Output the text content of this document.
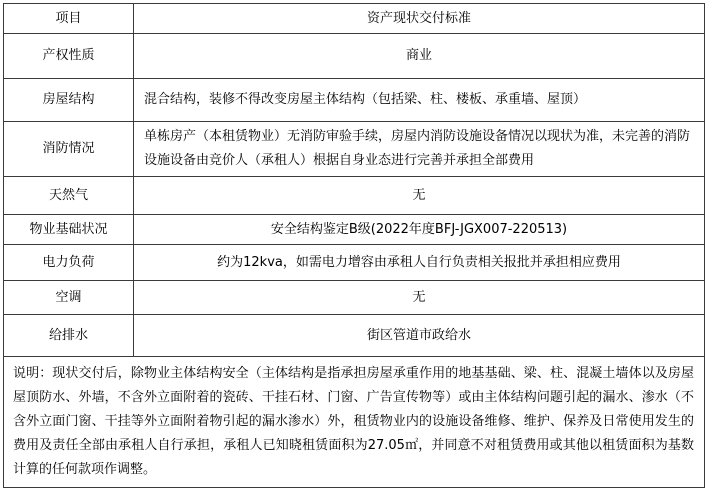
项目	资产现状交付标准
产权性质	商业
房屋结构	混合结构，装修不得改变房屋主体结构（包括梁、柱、楼板、承重墙、屋顶）
消防情况	单栋房产（本租赁物业）无消防审验手续，房屋内消防设施设备情况以现状为准，未完善的消防设施设备由竞价人（承租人）根据自身业态进行完善并承担全部费用
天然气	无
物业基础状况	安全结构鉴定B级(2022年度BFJ-JGX007-220513)
电力负荷	约为12kva，如需电力增容由承租人自行负责相关报批并承担相应费用
空调	无
给排水	街区管道市政给水
说明：现状交付后，除物业主体结构安全（主体结构是指承担房屋承重作用的地基基础、梁、柱、混凝土墙体以及房屋屋顶防水、外墙，不含外立面附着的瓷砖、干挂石材、门窗、广告宣传物等）或由主体结构问题引起的漏水、渗水（不含外立面门窗、干挂等外立面附着物引起的漏水渗水）外，租赁物业内的设施设备维修、维护、保养及日常使用发生的费用及责任全部由承租人自行承担，承租人已知晓租赁面积为27.05㎡，并同意不对租赁费用或其他以租赁面积为基数计算的任何款项作调整。	
